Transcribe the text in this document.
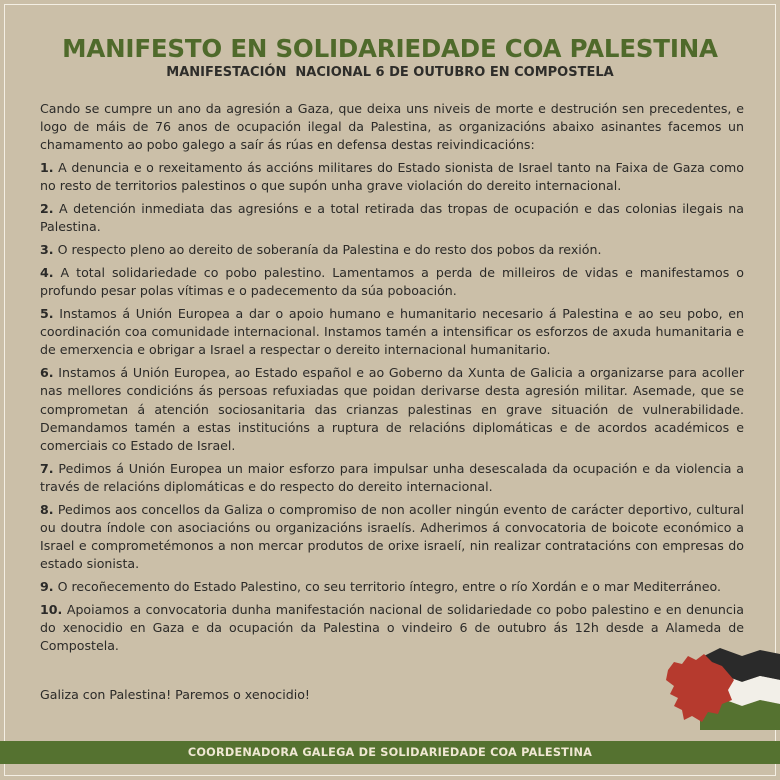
MANIFESTO EN SOLIDARIEDADE COA PALESTINA
MANIFESTACIÓN  NACIONAL 6 DE OUTUBRO EN COMPOSTELA

Cando se cumpre un ano da agresión a Gaza, que deixa uns niveis de morte e destrución sen precedentes, e logo de máis de 76 anos de ocupación ilegal da Palestina, as organizacións abaixo asinantes facemos un chamamento ao pobo galego a saír ás rúas en defensa destas reivindicacións:

1. A denuncia e o rexeitamento ás accións militares do Estado sionista de Israel tanto na Faixa de Gaza como no resto de territorios palestinos o que supón unha grave violación do dereito internacional.

2. A detención inmediata das agresións e a total retirada das tropas de ocupación e das colonias ilegais na Palestina.

3. O respecto pleno ao dereito de soberanía da Palestina e do resto dos pobos da rexión.

4. A total solidariedade co pobo palestino. Lamentamos a perda de milleiros de vidas e manifestamos o profundo pesar polas vítimas e o padecemento da súa poboación.

5. Instamos á Unión Europea a dar o apoio humano e humanitario necesario á Palestina e ao seu pobo, en coordinación coa comunidade internacional. Instamos tamén a intensificar os esforzos de axuda humanitaria e de emerxencia e obrigar a Israel a respectar o dereito internacional humanitario.

6. Instamos á Unión Europea, ao Estado español e ao Goberno da Xunta de Galicia a organizarse para acoller nas mellores condicións ás persoas refuxiadas que poidan derivarse desta agresión militar. Asemade, que se comprometan á atención sociosanitaria das crianzas palestinas en grave situación de vulnerabilidade. Demandamos tamén a estas institucións a ruptura de relacións diplomáticas e de acordos académicos e comerciais co Estado de Israel.

7. Pedimos á Unión Europea un maior esforzo para impulsar unha desescalada da ocupación e da violencia a través de relacións diplomáticas e do respecto do dereito internacional.

8. Pedimos aos concellos da Galiza o compromiso de non acoller ningún evento de carácter deportivo, cultural ou doutra índole con asociacións ou organizacións israelís. Adherimos á convocatoria de boicote económico a Israel e comprometémonos a non mercar produtos de orixe israelí, nin realizar contratacións con empresas do estado sionista.

9. O recoñecemento do Estado Palestino, co seu territorio íntegro, entre o río Xordán e o mar Mediterráneo.

10. Apoiamos a convocatoria dunha manifestación nacional de solidariedade co pobo palestino e en denuncia do xenocidio en Gaza e da ocupación da Palestina o vindeiro 6 de outubro ás 12h desde a Alameda de Compostela.

Galiza con Palestina! Paremos o xenocidio!

COORDENADORA GALEGA DE SOLIDARIEDADE COA PALESTINA
